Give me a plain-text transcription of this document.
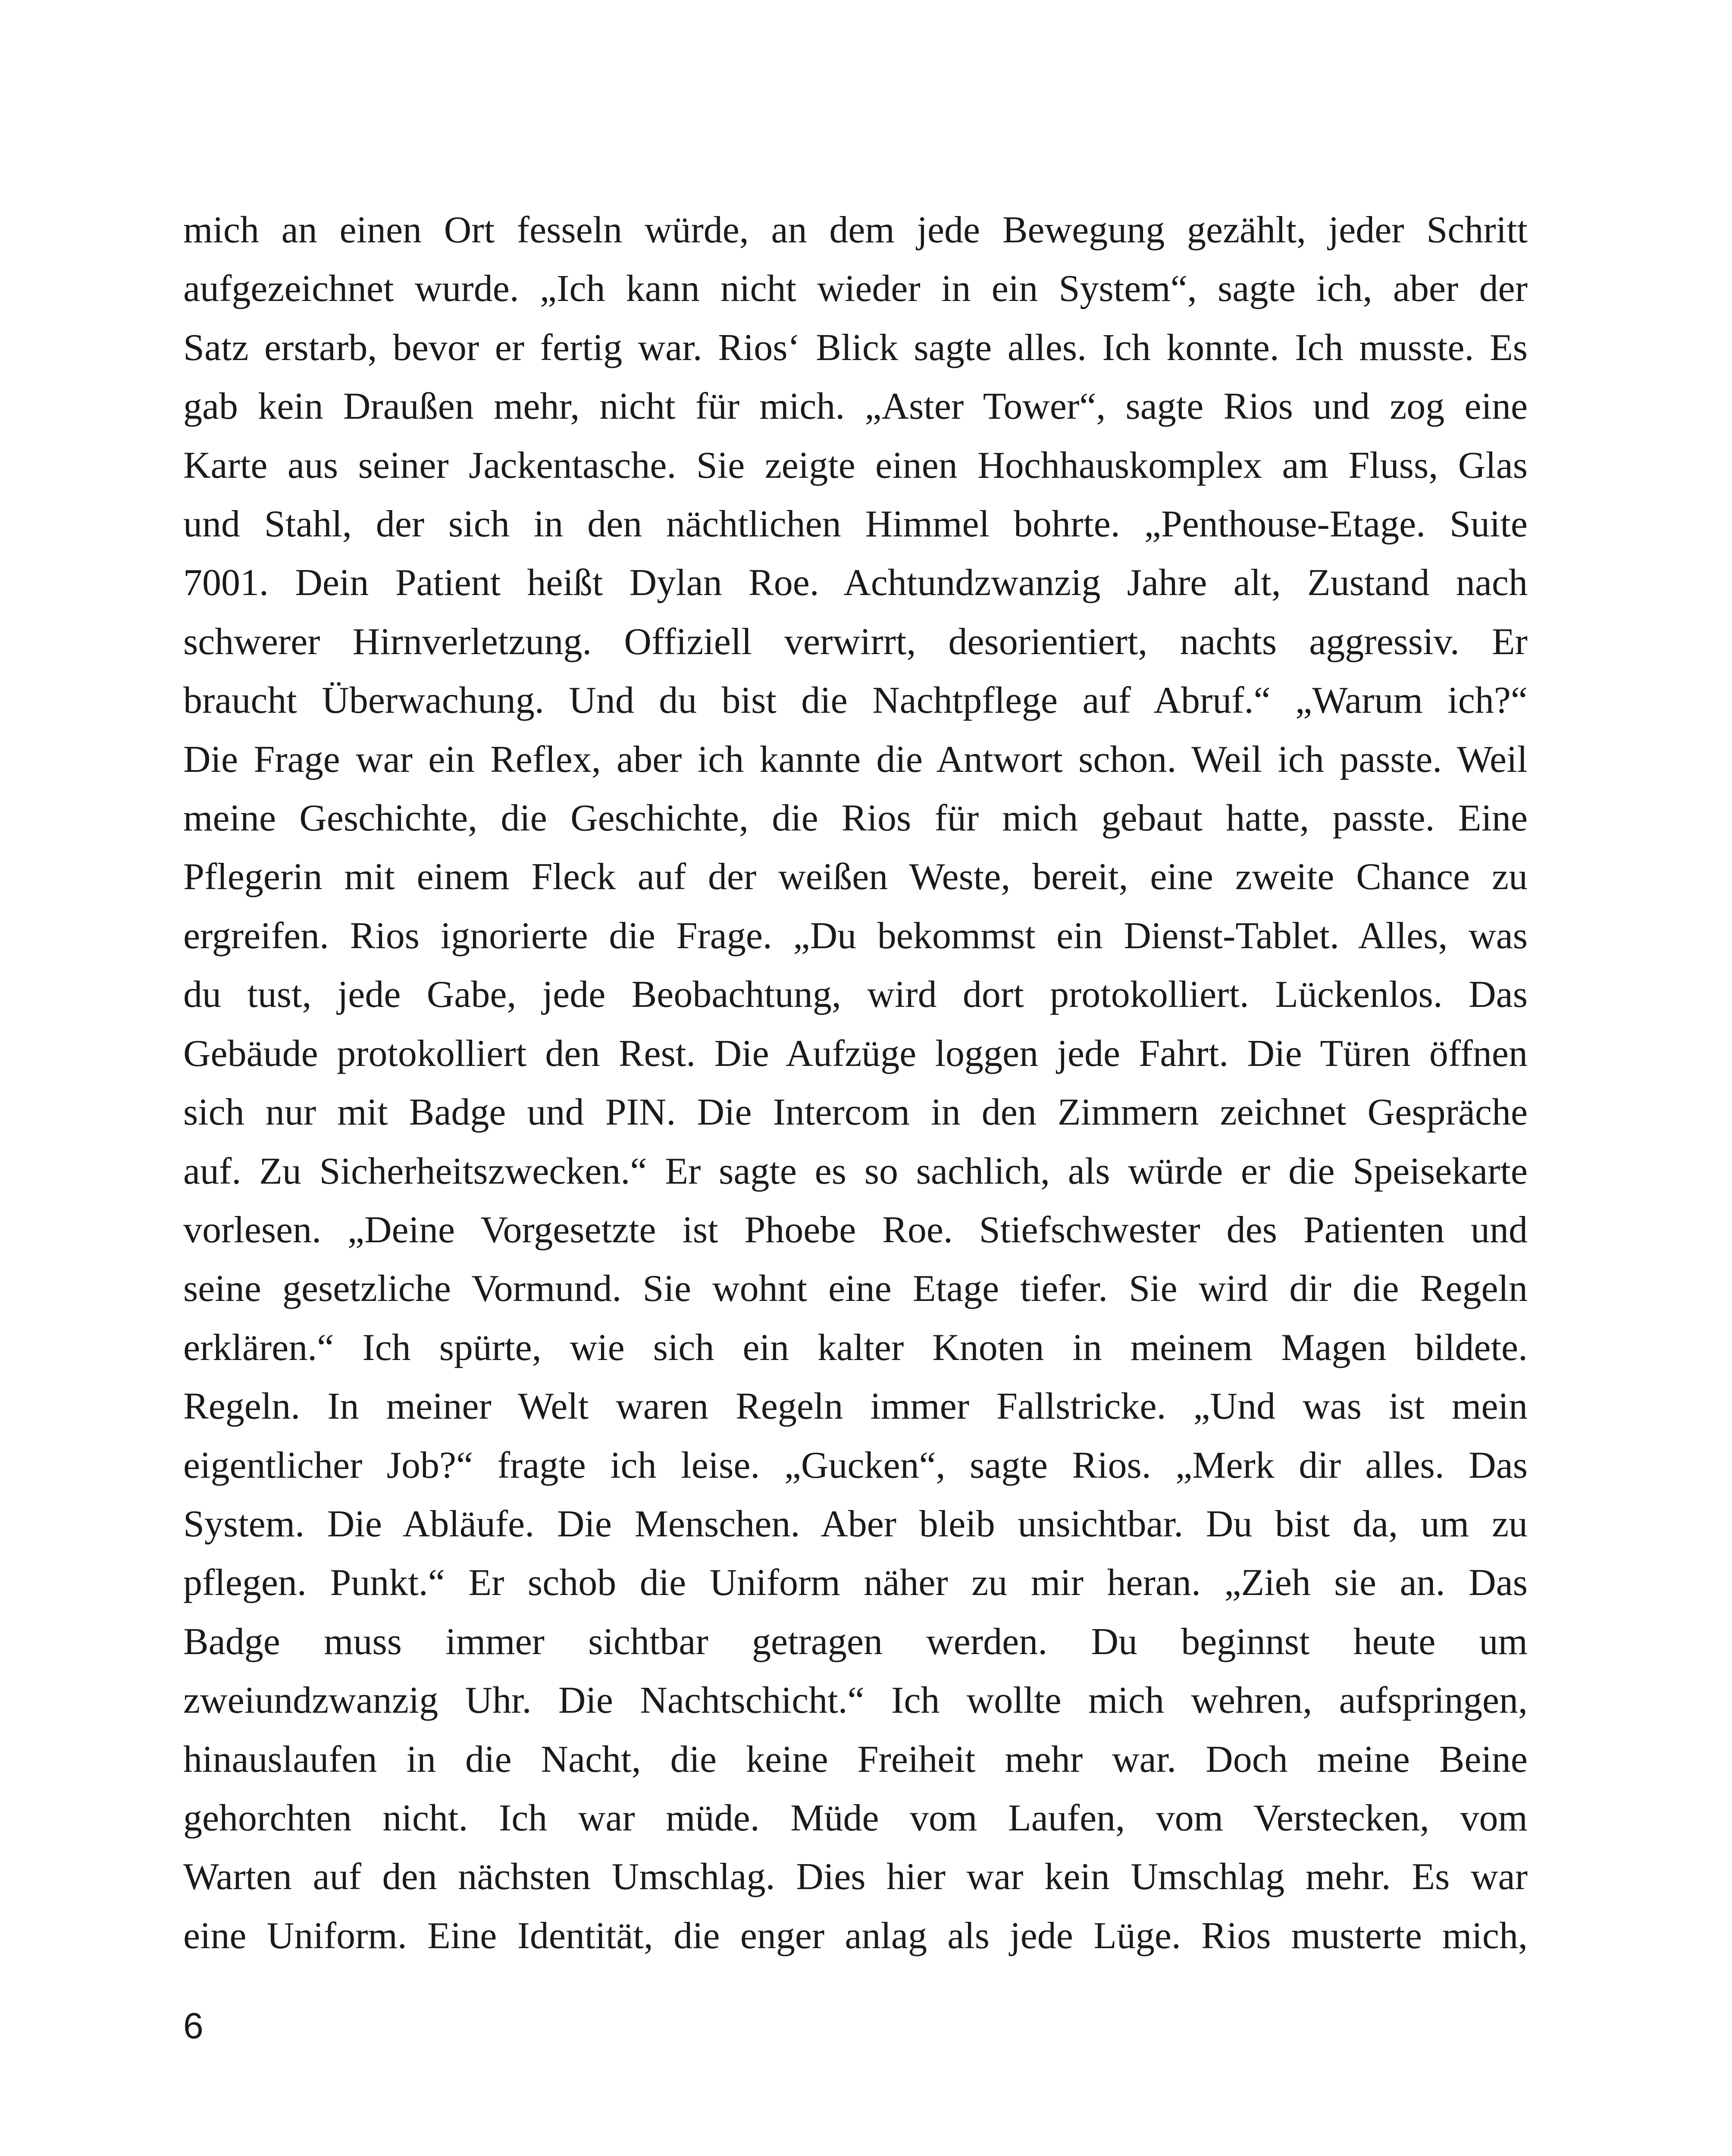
mich an einen Ort fesseln würde, an dem jede Bewegung gezählt, jeder Schritt
aufgezeichnet wurde. „Ich kann nicht wieder in ein System“, sagte ich, aber der
Satz erstarb, bevor er fertig war. Rios‘ Blick sagte alles. Ich konnte. Ich musste. Es
gab kein Draußen mehr, nicht für mich. „Aster Tower“, sagte Rios und zog eine
Karte aus seiner Jackentasche. Sie zeigte einen Hochhauskomplex am Fluss, Glas
und Stahl, der sich in den nächtlichen Himmel bohrte. „Penthouse-Etage. Suite
7001. Dein Patient heißt Dylan Roe. Achtundzwanzig Jahre alt, Zustand nach
schwerer Hirnverletzung. Offiziell verwirrt, desorientiert, nachts aggressiv. Er
braucht Überwachung. Und du bist die Nachtpflege auf Abruf.“ „Warum ich?“
Die Frage war ein Reflex, aber ich kannte die Antwort schon. Weil ich passte. Weil
meine Geschichte, die Geschichte, die Rios für mich gebaut hatte, passte. Eine
Pflegerin mit einem Fleck auf der weißen Weste, bereit, eine zweite Chance zu
ergreifen. Rios ignorierte die Frage. „Du bekommst ein Dienst-Tablet. Alles, was
du tust, jede Gabe, jede Beobachtung, wird dort protokolliert. Lückenlos. Das
Gebäude protokolliert den Rest. Die Aufzüge loggen jede Fahrt. Die Türen öffnen
sich nur mit Badge und PIN. Die Intercom in den Zimmern zeichnet Gespräche
auf. Zu Sicherheitszwecken.“ Er sagte es so sachlich, als würde er die Speisekarte
vorlesen. „Deine Vorgesetzte ist Phoebe Roe. Stiefschwester des Patienten und
seine gesetzliche Vormund. Sie wohnt eine Etage tiefer. Sie wird dir die Regeln
erklären.“ Ich spürte, wie sich ein kalter Knoten in meinem Magen bildete.
Regeln. In meiner Welt waren Regeln immer Fallstricke. „Und was ist mein
eigentlicher Job?“ fragte ich leise. „Gucken“, sagte Rios. „Merk dir alles. Das
System. Die Abläufe. Die Menschen. Aber bleib unsichtbar. Du bist da, um zu
pflegen. Punkt.“ Er schob die Uniform näher zu mir heran. „Zieh sie an. Das
Badge muss immer sichtbar getragen werden. Du beginnst heute um
zweiundzwanzig Uhr. Die Nachtschicht.“ Ich wollte mich wehren, aufspringen,
hinauslaufen in die Nacht, die keine Freiheit mehr war. Doch meine Beine
gehorchten nicht. Ich war müde. Müde vom Laufen, vom Verstecken, vom
Warten auf den nächsten Umschlag. Dies hier war kein Umschlag mehr. Es war
eine Uniform. Eine Identität, die enger anlag als jede Lüge. Rios musterte mich,
6
